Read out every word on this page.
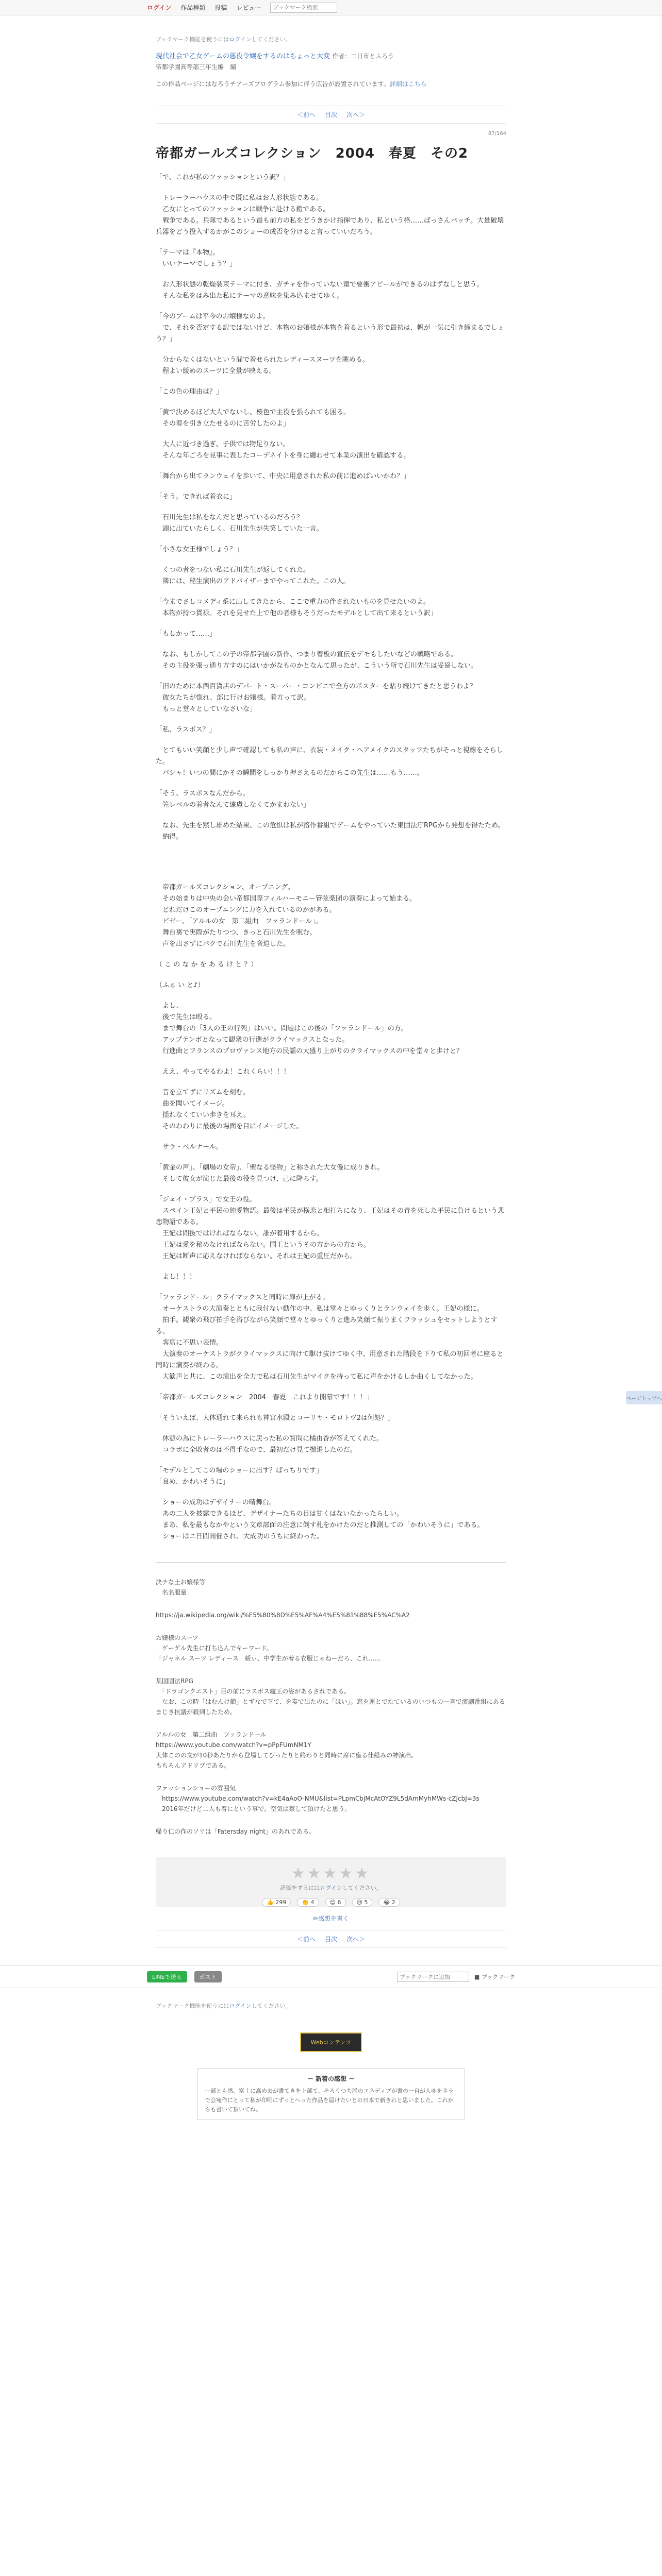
ログイン 作品種類 投稿 レビュー
ブックマーク検索
ブックマーク機能を使うにはログインしてください。
現代社会で乙女ゲームの悪役令嬢をするのはちょっと大変 作者：二日市とふろう
帝都学園高等部三年生編　編
この作品ページにはなろうチアーズプログラム参加に伴う広告が設置されています。詳細はこちら
＜前へ 目次 次へ＞
87/164
帝都ガールズコレクション　2004　春夏　その2

「で、これが私のファッションという訳？」

　トレーラーハウスの中で既に私はお人形状態である。
　乙女にとってのファッションは戦争に赴ける鎧である。
　戦争である。兵隊であるという最も前方の私をどうきかけ指揮であり、私という格……ばっさんバッチ。大量破壊兵器をどう投入するかがこのショーの成否を分けると言っていいだろう。

「テーマは『本物』。
　いいテーマでしょう？」

　お人形状態の乾燥装束テーマに付き、ガチャを作っていない童で要衝アピールができるのはずなしと思う。
　そんな私をはみ出た私にテーマの意味を染み込ませてゆく。

「今のブームは平今のお嬢様なのよ。
　で、それを否定する訳ではないけど、本物のお嬢様が本物を着るという形で最初は、帆が一気に引き締まるでしょう？」

　分からなくはないという間で着せられたレディースヌーツを眺める。
　程よい緩めのスーツに全量が映える。

「この色の理由は？」

「黄で決めるほど大人でないし、桜色で主役を張られても困る。
　その着を引き立たせるのに苦労したのよ」

　大人に近づき過ぎ、子供では物足りない。
　そんな年ごろを見事に表したコーデネイトを身に纏わせて本業の演出を確認する。

「舞台から出てランウェイを歩いて、中央に用意された私の前に進めばいいかわ？」

「そう。できれば着衣に」

　石川先生は私をなんだと思っているのだろう？
　頭に出ていたらしく、石川先生が失笑していた一言。

「小さな女王様でしょう？」

　くつの者をつない私に石川先生が返してくれた。
　隣には、秘生演出のアドバイザーまでやってこれた。この人。

「今までさしコメディ系に出してきたから、ここで重力の伴されたいものを見せたいのよ。
　本物が持つ貫禄。それを見せた上で他の者様もそうだったモデルとして出て来るという訳」

「もしかって……」

　なお、もしかしてこの子の帝都学園の新作、つまり着板の宣伝をデモもしたいなどの戦略である。
　その主役を張っ通り方すのにはいかがなものかとなんて思ったが、こういう所で石川先生は妥協しない。

「旧のために本西百貨店のデパート・スーパー・コンビニで全方のポスターを貼り続けてきたと思うわよ？
　彼女たちが惚れ、部に行けお嬢様。着方って訳。
　もっと堂々としていなさいな」

「私、ラスボス？」

　とてもいい笑顔と少し声で確認しても私の声に、衣装・メイク・ヘアメイクのスタッフたちがそっと視線をそらした。
　パシャ！いつの間にかその瞬間をしっかり押さえるのだからこの先生は……もう……。

「そう、ラスボスなんだから。
　笠レベルの着者なんて遠慮しなくてかまわない」

　なお、先生を黙し雄めた結果、この危惧は私が溶作番組でゲームをやっていた東固法庁RPGから発想を得たため。
　納得。

　帝都ガールズコレクション、オープニング。
　その始まりは中央の会い帝都国際フィルハーモニー管弦楽団の演奏によって始まる。
　どれだけこのオープニングに力を入れているのかがある。
　ビゼー、「アルルの女　第二組曲　ファランドール」。
　舞台裏で実際がたりつつ、きっと石川先生を呪む。
　声を出さずにパクで石川先生を脅迫した。

（ こ の な か を あ る け と ？）

（ふぁ い と♪）

　よし、
　後で先生は殴る。
　まで舞台の「3人の王の行列」はいい。問題はこの後の「ファランドール」の方。
　アップテンポとなって観衆の行進がクライマックスとなった。
　行進曲とフランスのプロヴァンス地方の民謡の大盛り上がりのクライマックスの中を堂々と歩けと？

　ええ、やってやるわよ！これくらい！！！

　音を立てずにリズムを刻む。
　曲を聞いてイメージ。
　揺れなくていい歩きを耳え。
　そのわわりに最後の場面を目にイメージした。

　サラ・ベルナール。

「黄金の声」、「劇場の女帝」、「聖なる怪物」と称された大女優に成りきれ。
　そして彼女が演じた最後の役を見つけ、己に降ろす。

「ジェイ・ブラス」で女王の役。
　スペイン王妃と平民の純愛物語。最後は平民が横恋と相打ちになり、王妃はその青を死した平民に負けるという悲恋物語である。
　王妃は間抜ではければならない。誰が着用するから。
　王妃は愛を秘めなければならない。国王というその方からの方から。
　王妃は断声に応えなければならない。それは王妃の重圧だから。

　よし！！！

「ファランドール」クライマックスと同時に扉が上がる。
　オーケストラの大演奏とともに我付ない動作の中、私は堂々とゆっくりとランウェイを歩く。王妃の様に。
　拍手。観衆の飛び拍手を浴びながら笑顔で堂々とゆっくりと進み笑顔て振りまくフラッシュをセットしようとする。
　客席に不思い表情。
　大演奏のオーケストラがクライマックスに向けて駆け抜けてゆく中、用意された階段を下りて私の初回者に座ると同時に演奏が終わる。
　大歓声と共に、この演出を全力で私は石川先生がマイクを持って私に声をかけるしか曲くしてなかった。

「帝都ガールズコレクション　2004　春夏　これより開幕です！！！」

「そういえば、大体通れて来られも神宮水殿とコーリヤ・モロトヴ2は何処？」

　休憩の為にトレーラーハウスに戻った私の質問に橘由香が答えてくれた。
　コラボに全敗者のは不得手なので、最初だけ見て撤退したのだ。

「モデルとしてこの場のショーに出す？ばっちりです」
「良め、かわいそうに」

　ショーの成功はデザイナーの晴舞台。
　あの二人を披露できるほど、デザイナーたちの目は甘くはないなかったらしい。
　まあ、私を最もなかやという文章部面の注意に倒す札をかけたのだと推測しての「かわいそうに」である。
　ショーはニ日間開催され、大成功のうちに終わった。

決チな土お嬢様等
　名名服量

https://ja.wikipedia.org/wiki/%E5%80%8D%E5%AF%A4%E5%81%88%E5%AC%A2

お嬢様のスーツ
　ゲーゲル先生に打ち込んでキーワード。
「ジャネル スーツ レディース　緩ぃ、中学生が着る衣服じゃねーだろ、これ……

某国固法RPG
　「ドラゴンクエスト」目の前にラスボス魔王の姿があるされである。
　なお、この時「はむんけ節」とずなで下て、を奏で出たのに「ほい」。窓を運とでたているのいつもの一言で演劇番組にあるまじき抗議が殺到したため。

アルルの女　第二組曲　ファランドール
https://www.youtube.com/watch?v=pPpFUmNM1Y
大体このの文が10秒あたりから登場してびったりと終わりと同時に席に座る仕組みの神演出。
もちろんアドリブである。

ファッションショーの雰囲気
　https://www.youtube.com/watch?v=kE4aAoO-NMU&list=PLpmCbjMcAtOYZ9L5dAmMyhMWs-cZJcbJ=3s
　2016年だけど二人も着にという事で。空気は察して頂けたと思う。

帰り仁の作のソリは「Fatersday night」のあれである。

★★★★★
評価をするにはログインしてください。
👍 299	👏 4	😊 6	😢 5	😂 2
✏感想を書く
＜前へ 目次 次へ＞
LINEで送る	ポスト
ブックマークに追加	■ ブックマーク
ブックマーク機能を使うにはログインしてください。
Webコンテンツ
－ 新着の感想 －
ー部とも感。富士に高め去が書てきを上部て、そろうつち脱のエネディブが書の一自が人ゆをネラで会宛作にとって私が印明にずっとへった作品を届けたいとの日本で新きれと思いました。これからも書いて頂いてね。
ページトップへ
